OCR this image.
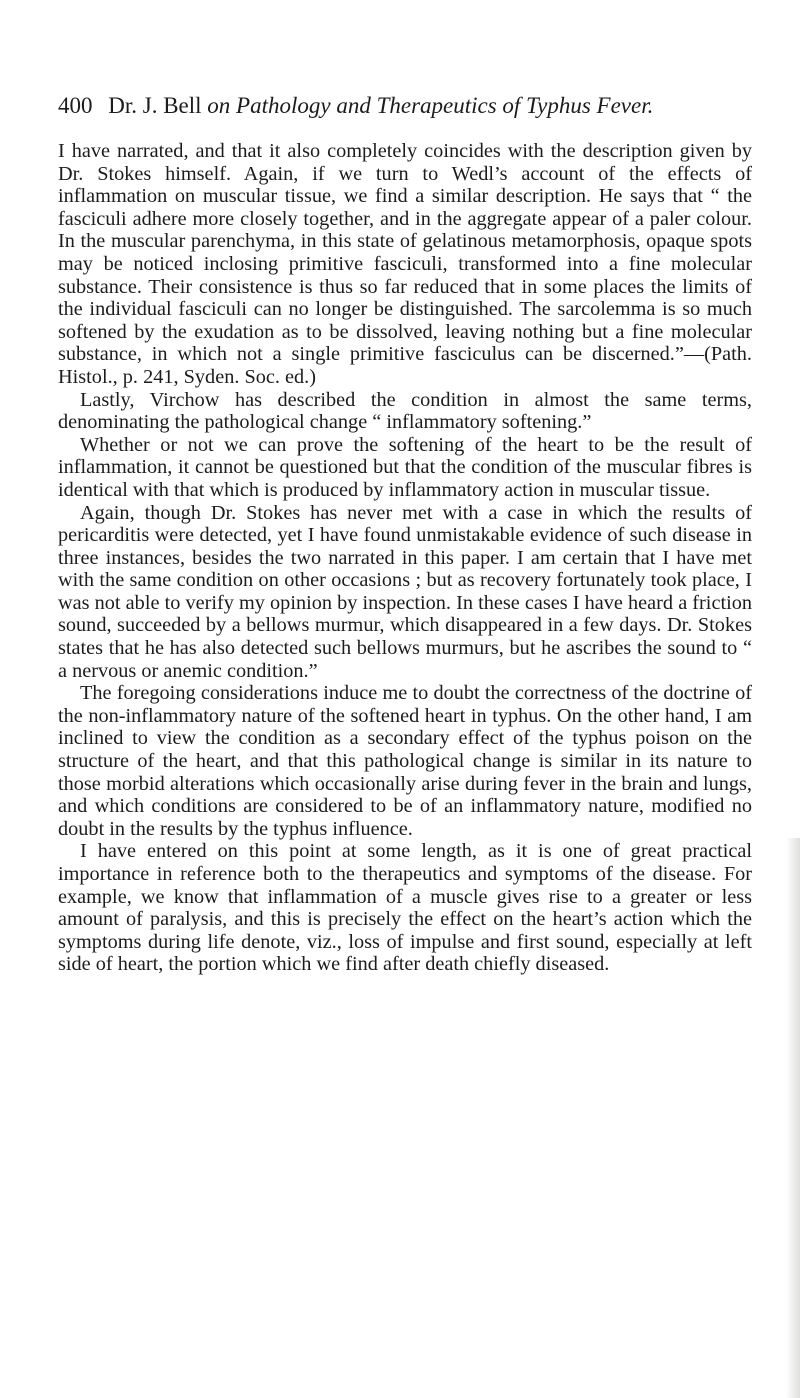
400 Dr. J. Bell on Pathology and Therapeutics of Typhus Fever.

I have narrated, and that it also completely coincides with the description given by Dr. Stokes himself. Again, if we turn to Wedl’s account of the effects of inflammation on muscular tissue, we find a similar description. He says that “ the fasciculi adhere more closely together, and in the aggregate appear of a paler colour. In the muscular parenchyma, in this state of gelatinous metamorphosis, opaque spots may be noticed inclosing primitive fasciculi, transformed into a fine molecular substance. Their consistence is thus so far reduced that in some places the limits of the individual fasciculi can no longer be distinguished. The sarcolemma is so much softened by the exudation as to be dissolved, leaving nothing but a fine molecular substance, in which not a single primitive fasciculus can be discerned.”—(Path. Histol., p. 241, Syden. Soc. ed.)

Lastly, Virchow has described the condition in almost the same terms, denominating the pathological change “ inflammatory softening.”

Whether or not we can prove the softening of the heart to be the result of inflammation, it cannot be questioned but that the condition of the muscular fibres is identical with that which is produced by inflammatory action in muscular tissue.

Again, though Dr. Stokes has never met with a case in which the results of pericarditis were detected, yet I have found unmistakable evidence of such disease in three instances, besides the two narrated in this paper. I am certain that I have met with the same condition on other occasions ; but as recovery fortunately took place, I was not able to verify my opinion by inspection. In these cases I have heard a friction sound, succeeded by a bellows murmur, which disappeared in a few days. Dr. Stokes states that he has also detected such bellows murmurs, but he ascribes the sound to “ a nervous or anemic condition.”

The foregoing considerations induce me to doubt the correctness of the doctrine of the non-inflammatory nature of the softened heart in typhus. On the other hand, I am inclined to view the condition as a secondary effect of the typhus poison on the structure of the heart, and that this pathological change is similar in its nature to those morbid alterations which occasionally arise during fever in the brain and lungs, and which conditions are considered to be of an inflammatory nature, modified no doubt in the results by the typhus influence.

I have entered on this point at some length, as it is one of great practical importance in reference both to the therapeutics and symptoms of the disease. For example, we know that inflammation of a muscle gives rise to a greater or less amount of paralysis, and this is precisely the effect on the heart’s action which the symptoms during life denote, viz., loss of impulse and first sound, especially at left side of heart, the portion which we find after death chiefly diseased.
